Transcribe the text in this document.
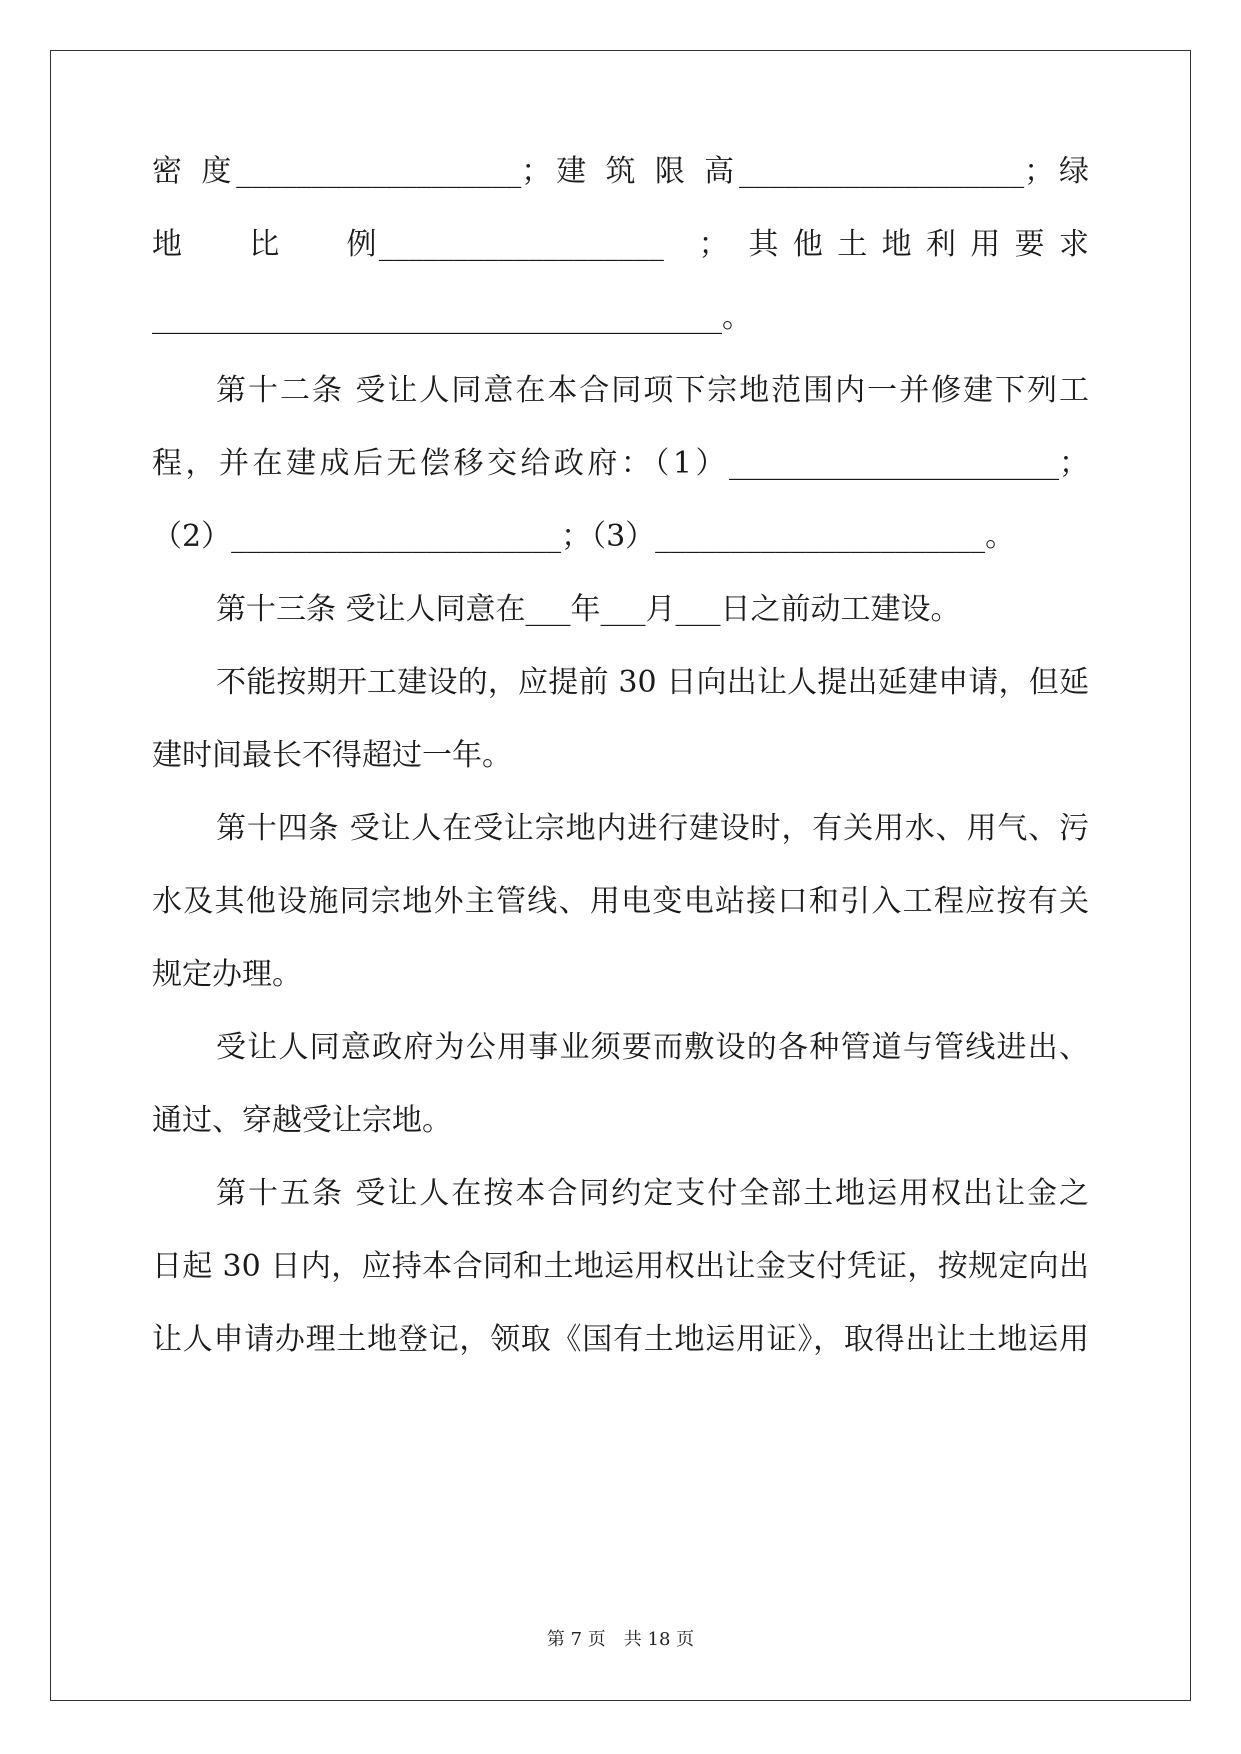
密 度___________________；建 筑 限 高___________________；绿
地　　比　　例___________________　；　其 他 土 地 利 用 要 求
______________________________________。
第十二条 受让人同意在本合同项下宗地范围内一并修建下列工
程，并在建成后无偿移交给政府：（1）______________________；
（2）______________________；（3）______________________。
第十三条 受让人同意在___年___月___日之前动工建设。
不能按期开工建设的，应提前 30 日向出让人提出延建申请，但延
建时间最长不得超过一年。
第十四条 受让人在受让宗地内进行建设时，有关用水、用气、污
水及其他设施同宗地外主管线、用电变电站接口和引入工程应按有关
规定办理。
受让人同意政府为公用事业须要而敷设的各种管道与管线进出、
通过、穿越受让宗地。
第十五条 受让人在按本合同约定支付全部土地运用权出让金之
日起 30 日内，应持本合同和土地运用权出让金支付凭证，按规定向出
让人申请办理土地登记，领取《国有土地运用证》，取得出让土地运用
第 7 页　共 18 页
